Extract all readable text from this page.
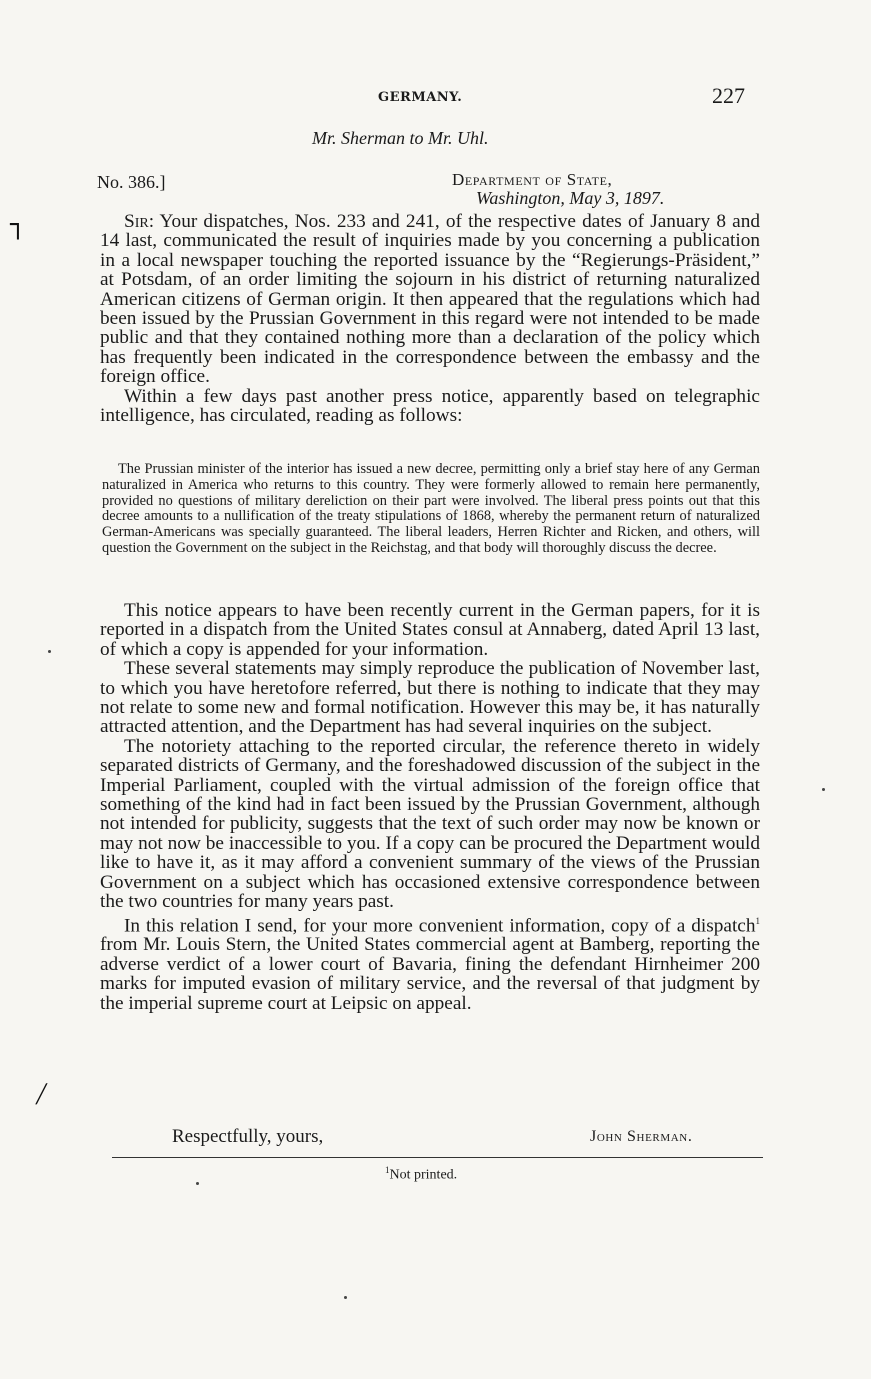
GERMANY.	227
Mr. Sherman to Mr. Uhl.
No. 386.]	Department of State,
Washington, May 3, 1897.

Sir: Your dispatches, Nos. 233 and 241, of the respective dates of January 8 and 14 last, communicated the result of inquiries made by you concerning a publication in a local newspaper touching the reported issuance by the “Regierungs-Präsident,” at Potsdam, of an order limiting the sojourn in his district of returning naturalized American citizens of German origin. It then appeared that the regulations which had been issued by the Prussian Government in this regard were not intended to be made public and that they contained nothing more than a declaration of the policy which has frequently been indicated in the correspondence between the embassy and the foreign office.

Within a few days past another press notice, apparently based on telegraphic intelligence, has circulated, reading as follows:

The Prussian minister of the interior has issued a new decree, permitting only a brief stay here of any German naturalized in America who returns to this country. They were formerly allowed to remain here permanently, provided no questions of military dereliction on their part were involved. The liberal press points out that this decree amounts to a nullification of the treaty stipulations of 1868, whereby the permanent return of naturalized German-Americans was specially guaranteed. The liberal leaders, Herren Richter and Ricken, and others, will question the Government on the subject in the Reichstag, and that body will thoroughly discuss the decree.

This notice appears to have been recently current in the German papers, for it is reported in a dispatch from the United States consul at Annaberg, dated April 13 last, of which a copy is appended for your information.

These several statements may simply reproduce the publication of November last, to which you have heretofore referred, but there is nothing to indicate that they may not relate to some new and formal notification. However this may be, it has naturally attracted attention, and the Department has had several inquiries on the subject.

The notoriety attaching to the reported circular, the reference thereto in widely separated districts of Germany, and the foreshadowed discussion of the subject in the Imperial Parliament, coupled with the virtual admission of the foreign office that something of the kind had in fact been issued by the Prussian Government, although not intended for publicity, suggests that the text of such order may now be known or may not now be inaccessible to you. If a copy can be procured the Department would like to have it, as it may afford a convenient summary of the views of the Prussian Government on a subject which has occasioned extensive correspondence between the two countries for many years past.

In this relation I send, for your more convenient information, copy of a dispatch$^1$ from Mr. Louis Stern, the United States commercial agent at Bamberg, reporting the adverse verdict of a lower court of Bavaria, fining the defendant Hirnheimer 200 marks for imputed evasion of military service, and the reversal of that judgment by the imperial supreme court at Leipsic on appeal.

Respectfully, yours,	John Sherman.
$^1$Not printed.
┐
╱
